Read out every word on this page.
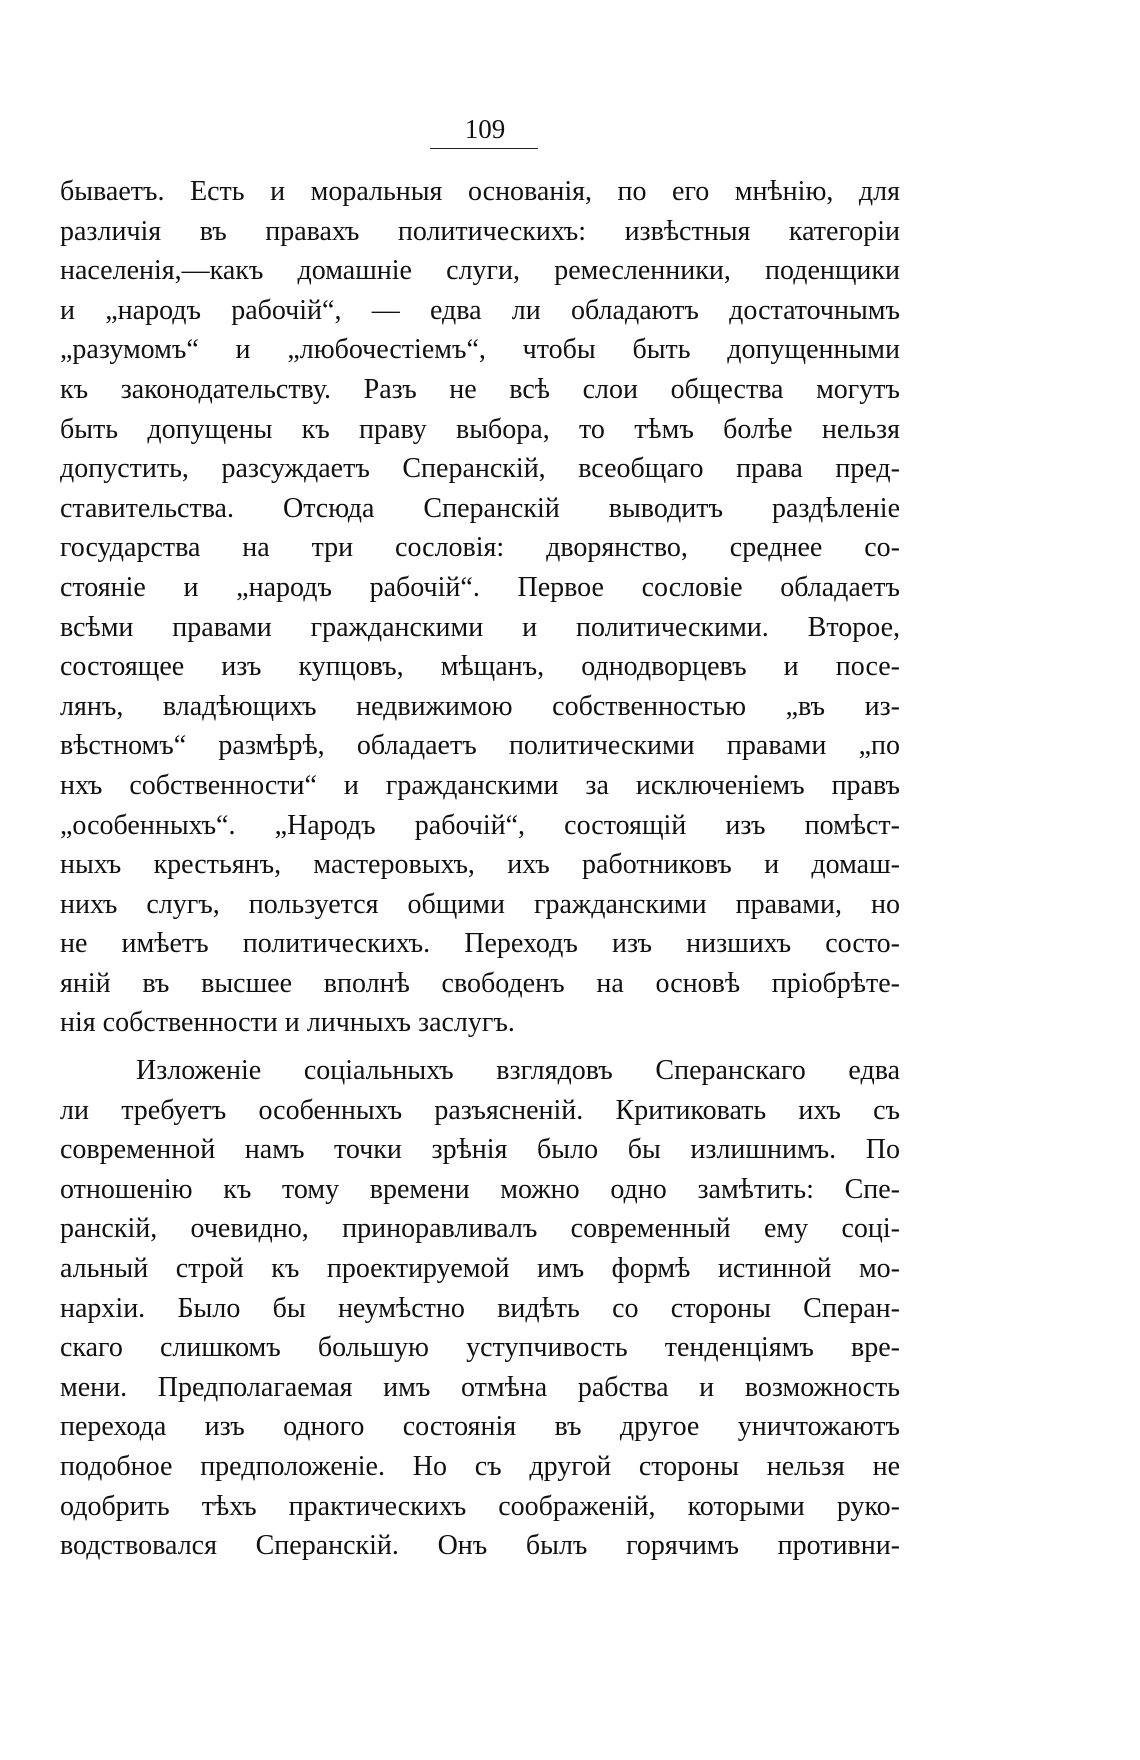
109
бываетъ. Есть и моральныя основанія, по его мнѣнію, для
различія въ правахъ политическихъ: извѣстныя категоріи
населенія,—какъ домашніе слуги, ремесленники, поденщики
и „народъ рабочій“, — едва ли обладаютъ достаточнымъ
„разумомъ“ и „любочестіемъ“, чтобы быть допущенными
къ законодательству. Разъ не всѣ слои общества могутъ
быть допущены къ праву выбора, то тѣмъ болѣе нельзя
допустить, разсуждаетъ Сперанскій, всеобщаго права пред-
ставительства. Отсюда Сперанскій выводитъ раздѣленіе
государства на три сословія: дворянство, среднее со-
стояніе и „народъ рабочій“. Первое сословіе обладаетъ
всѣми правами гражданскими и политическими. Второе,
состоящее изъ купцовъ, мѣщанъ, однодворцевъ и посе-
лянъ, владѣющихъ недвижимою собственностью „въ из-
вѣстномъ“ размѣрѣ, обладаетъ политическими правами „по
нхъ собственности“ и гражданскими за исключеніемъ правъ
„особенныхъ“. „Народъ рабочій“, состоящій изъ помѣст-
ныхъ крестьянъ, мастеровыхъ, ихъ работниковъ и домаш-
нихъ слугъ, пользуется общими гражданскими правами, но
не имѣетъ политическихъ. Переходъ изъ низшихъ состо-
яній въ высшее вполнѣ свободенъ на основѣ пріобрѣте-
нія собственности и личныхъ заслугъ.
Изложеніе соціальныхъ взглядовъ Сперанскаго едва
ли требуетъ особенныхъ разъясненій. Критиковать ихъ съ
современной намъ точки зрѣнія было бы излишнимъ. По
отношенію къ тому времени можно одно замѣтить: Спе-
ранскій, очевидно, приноравливалъ современный ему соці-
альный строй къ проектируемой имъ формѣ истинной мо-
нархіи. Было бы неумѣстно видѣть со стороны Сперан-
скаго слишкомъ большую уступчивость тенденціямъ вре-
мени. Предполагаемая имъ отмѣна рабства и возможность
перехода изъ одного состоянія въ другое уничтожаютъ
подобное предположеніе. Но съ другой стороны нельзя не
одобрить тѣхъ практическихъ соображеній, которыми руко-
водствовался Сперанскій. Онъ былъ горячимъ противни-
